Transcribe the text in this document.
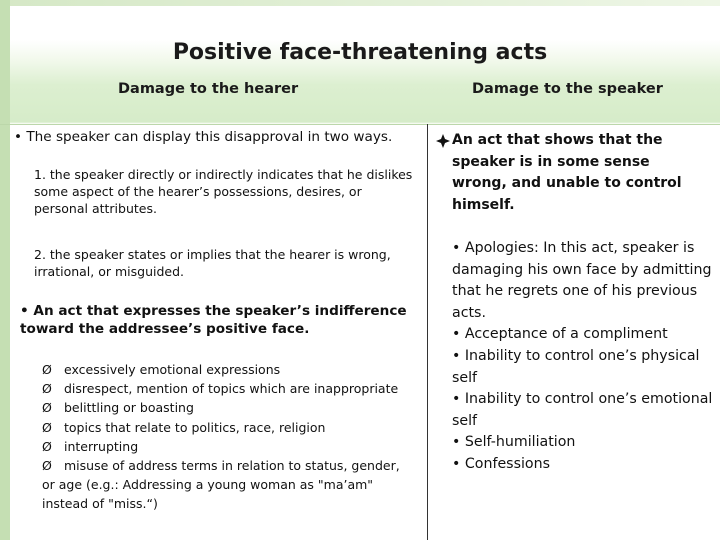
Positive face-threatening acts
Damage to the hearer	Damage to the speaker
• The speaker can display this disapproval in two ways.
1. the speaker directly or indirectly indicates that he dislikes some aspect of the hearer’s possessions, desires, or personal attributes.
2. the speaker states or implies that the hearer is wrong, irrational, or misguided.
• An act that expresses the speaker’s indifference toward the addressee’s positive face.
Ø excessively emotional expressions
Ø disrespect, mention of topics which are inappropriate
Ø belittling or boasting
Ø topics that relate to politics, race, religion
Ø interrupting
Ø misuse of address terms in relation to status, gender,
or age (e.g.: Addressing a young woman as "ma’am"
instead of "miss.“)
An act that shows that the
speaker is in some sense
wrong, and unable to control
himself.
• Apologies: In this act, speaker is
damaging his own face by admitting
that he regrets one of his previous
acts.
• Acceptance of a compliment
• Inability to control one’s physical
self
• Inability to control one’s emotional
self
• Self-humiliation
• Confessions
